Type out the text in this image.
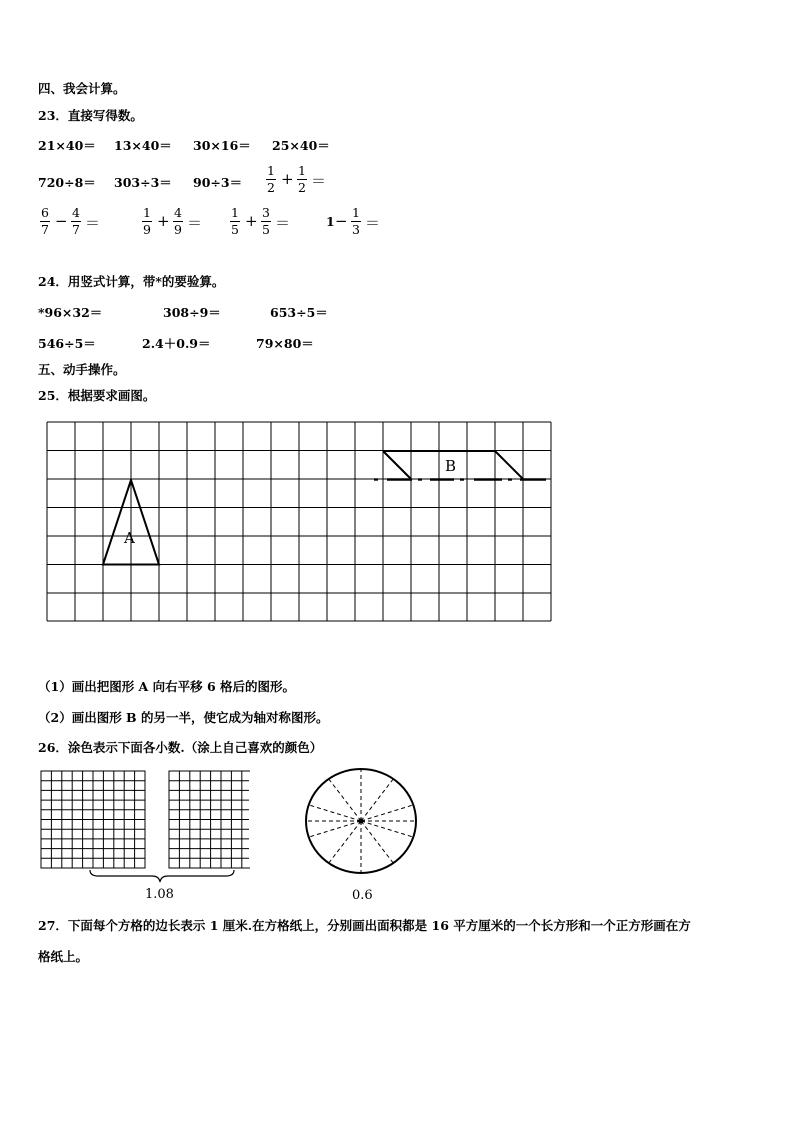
四、我会计算。
23．直接写得数。
21×40＝ 13×40＝ 30×16＝ 25×40＝
$720\div 8= 303\div 3= 90\div 3= \frac{1}{2} + \frac{1}{2}$ ＝
$\frac{6}{7} - \frac{4}{7}$ ＝	$\frac{1}{9} + \frac{4}{9} = \frac{1}{5} + \frac{3}{5}$ ＝	$1 - \frac{1}{3}$ ＝
24．用竖式计算，带*的要验算。
*96×32＝	308÷9＝	653÷5＝
546÷5＝	2.4＋0.9＝	79×80＝
五、动手操作。
25．根据要求画图。
A
B
（1）画出把图形 A 向右平移 6 格后的图形。
（2）画出图形 B 的另一半，使它成为轴对称图形。
26．涂色表示下面各小数.（涂上自己喜欢的颜色）
1.08	0.6
27．下面每个方格的边长表示 1 厘米.在方格纸上，分别画出面积都是 16 平方厘米的一个长方形和一个正方形画在方
格纸上。
